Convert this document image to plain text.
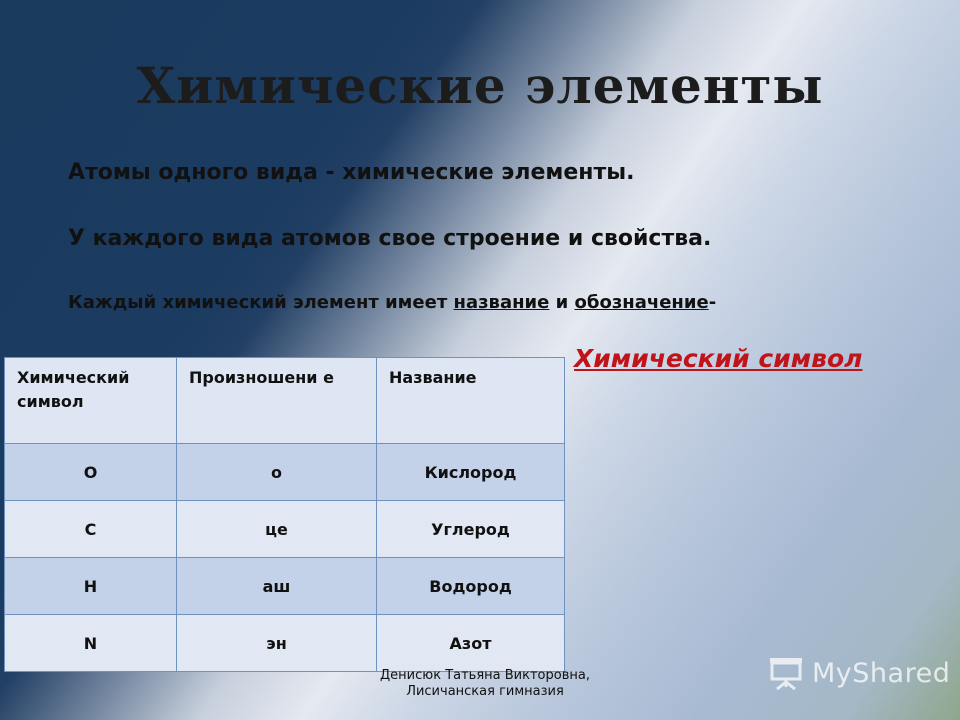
Химические элементы

Атомы одного вида - химические элементы.

У каждого вида атомов свое строение и свойства.

Каждый химический элемент имеет название и обозначение-

Химический символ

Химический символ	Произношени е	Название
О	о	Кислород
С	це	Углерод
Н	аш	Водород
N	эн	Азот
Денисюк Татьяна Викторовна,
Лисичанская гимназия
MyShared
